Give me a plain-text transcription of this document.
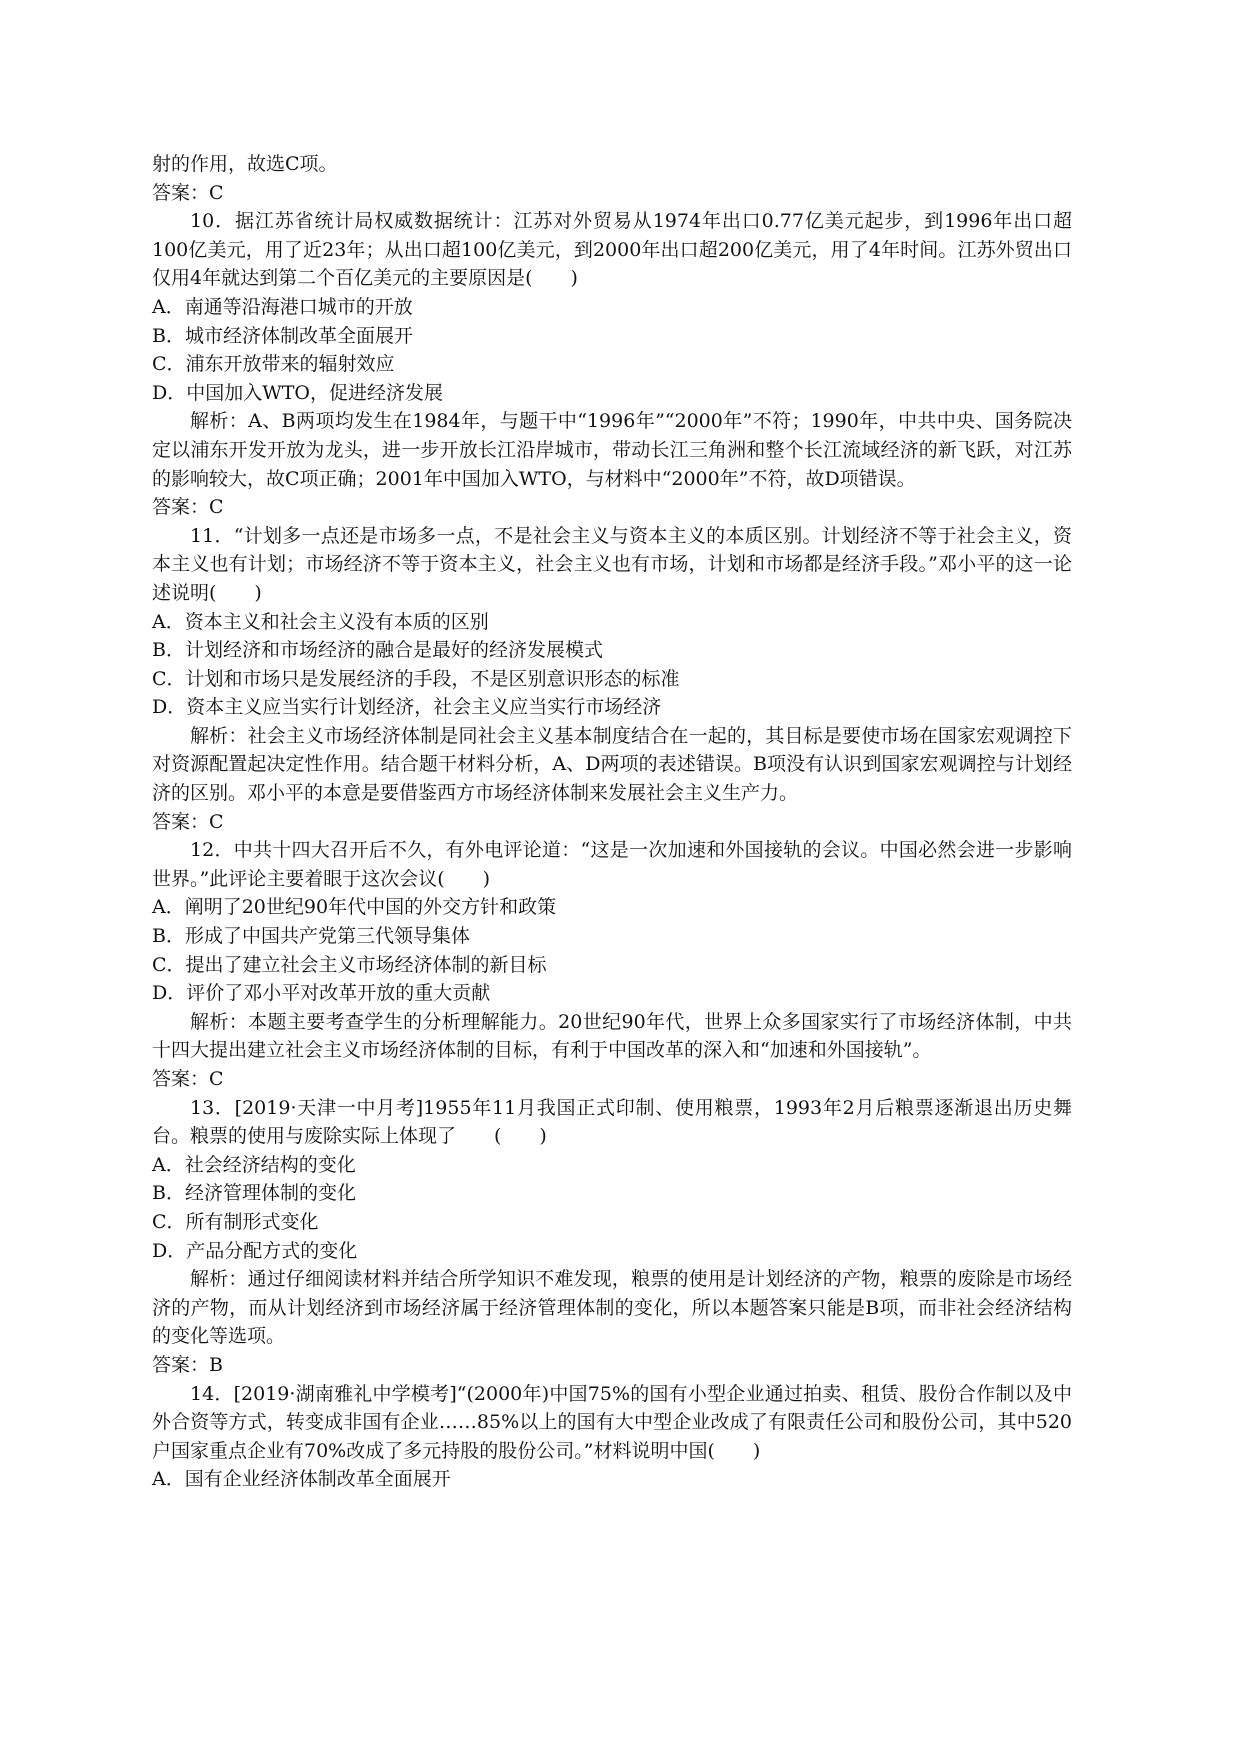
射的作用，故选C项。

答案：C

10．据江苏省统计局权威数据统计：江苏对外贸易从1974年出口0.77亿美元起步，到1996年出口超100亿美元，用了近23年；从出口超100亿美元，到2000年出口超200亿美元，用了4年时间。江苏外贸出口仅用4年就达到第二个百亿美元的主要原因是(　　)

A．南通等沿海港口城市的开放

B．城市经济体制改革全面展开

C．浦东开放带来的辐射效应

D．中国加入WTO，促进经济发展

解析：A、B两项均发生在1984年，与题干中“1996年”“2000年”不符；1990年，中共中央、国务院决定以浦东开发开放为龙头，进一步开放长江沿岸城市，带动长江三角洲和整个长江流域经济的新飞跃，对江苏的影响较大，故C项正确；2001年中国加入WTO，与材料中“2000年”不符，故D项错误。

答案：C

11．“计划多一点还是市场多一点，不是社会主义与资本主义的本质区别。计划经济不等于社会主义，资本主义也有计划；市场经济不等于资本主义，社会主义也有市场，计划和市场都是经济手段。”邓小平的这一论述说明(　　)

A．资本主义和社会主义没有本质的区别

B．计划经济和市场经济的融合是最好的经济发展模式

C．计划和市场只是发展经济的手段，不是区别意识形态的标准

D．资本主义应当实行计划经济，社会主义应当实行市场经济

解析：社会主义市场经济体制是同社会主义基本制度结合在一起的，其目标是要使市场在国家宏观调控下对资源配置起决定性作用。结合题干材料分析，A、D两项的表述错误。B项没有认识到国家宏观调控与计划经济的区别。邓小平的本意是要借鉴西方市场经济体制来发展社会主义生产力。

答案：C

12．中共十四大召开后不久，有外电评论道：“这是一次加速和外国接轨的会议。中国必然会进一步影响世界。”此评论主要着眼于这次会议(　　)

A．阐明了20世纪90年代中国的外交方针和政策

B．形成了中国共产党第三代领导集体

C．提出了建立社会主义市场经济体制的新目标

D．评价了邓小平对改革开放的重大贡献

解析：本题主要考查学生的分析理解能力。20世纪90年代，世界上众多国家实行了市场经济体制，中共十四大提出建立社会主义市场经济体制的目标，有利于中国改革的深入和“加速和外国接轨”。

答案：C

13．[2019·天津一中月考]1955年11月我国正式印制、使用粮票，1993年2月后粮票逐渐退出历史舞台。粮票的使用与废除实际上体现了　　(　　)

A．社会经济结构的变化

B．经济管理体制的变化

C．所有制形式变化

D．产品分配方式的变化

解析：通过仔细阅读材料并结合所学知识不难发现，粮票的使用是计划经济的产物，粮票的废除是市场经济的产物，而从计划经济到市场经济属于经济管理体制的变化，所以本题答案只能是B项，而非社会经济结构的变化等选项。

答案：B

14．[2019·湖南雅礼中学模考]“(2000年)中国75%的国有小型企业通过拍卖、租赁、股份合作制以及中外合资等方式，转变成非国有企业……85%以上的国有大中型企业改成了有限责任公司和股份公司，其中520户国家重点企业有70%改成了多元持股的股份公司。”材料说明中国(　　)

A．国有企业经济体制改革全面展开
